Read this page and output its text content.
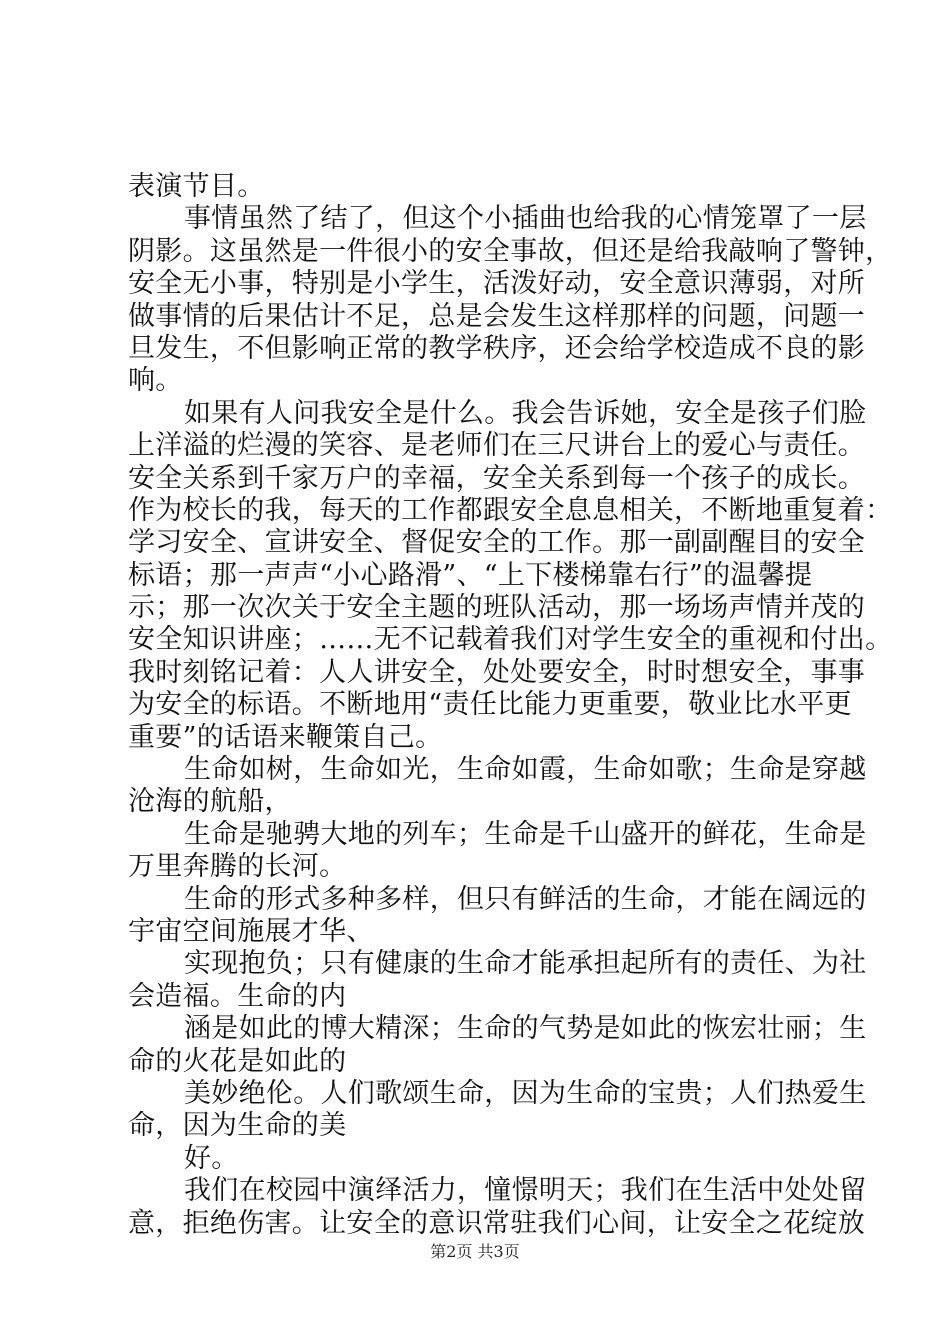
表演节目。
事情虽然了结了，但这个小插曲也给我的心情笼罩了一层
阴影。这虽然是一件很小的安全事故，但还是给我敲响了警钟，
安全无小事，特别是小学生，活泼好动，安全意识薄弱，对所
做事情的后果估计不足，总是会发生这样那样的问题，问题一
旦发生，不但影响正常的教学秩序，还会给学校造成不良的影
响。
如果有人问我安全是什么。我会告诉她，安全是孩子们脸
上洋溢的烂漫的笑容、是老师们在三尺讲台上的爱心与责任。
安全关系到千家万户的幸福，安全关系到每一个孩子的成长。
作为校长的我，每天的工作都跟安全息息相关，不断地重复着：
学习安全、宣讲安全、督促安全的工作。那一副副醒目的安全
标语；那一声声“小心路滑”、“上下楼梯靠右行”的温馨提
示；那一次次关于安全主题的班队活动，那一场场声情并茂的
安全知识讲座；……无不记载着我们对学生安全的重视和付出。
我时刻铭记着：人人讲安全，处处要安全，时时想安全，事事
为安全的标语。不断地用“责任比能力更重要，敬业比水平更
重要”的话语来鞭策自己。
生命如树，生命如光，生命如霞，生命如歌；生命是穿越
沧海的航船，
生命是驰骋大地的列车；生命是千山盛开的鲜花，生命是
万里奔腾的长河。
生命的形式多种多样，但只有鲜活的生命，才能在阔远的
宇宙空间施展才华、
实现抱负；只有健康的生命才能承担起所有的责任、为社
会造福。生命的内
涵是如此的博大精深；生命的气势是如此的恢宏壮丽；生
命的火花是如此的
美妙绝伦。人们歌颂生命，因为生命的宝贵；人们热爱生
命，因为生命的美
好。
我们在校园中演绎活力，憧憬明天；我们在生活中处处留
意，拒绝伤害。让安全的意识常驻我们心间，让安全之花绽放
第2页 共3页
